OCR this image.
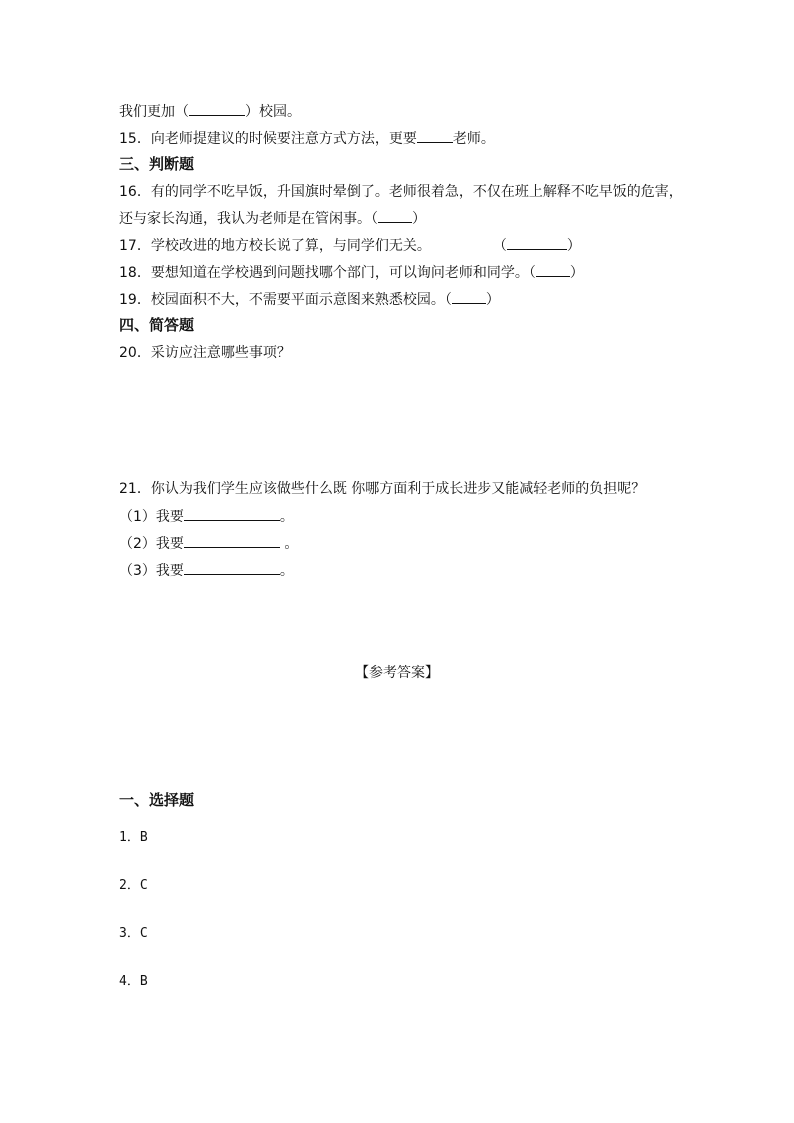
我们更加（	）校园。
15．向老师提建议的时候要注意方式方法，更要	老师。
三、判断题
16．有的同学不吃早饭，升国旗时晕倒了。老师很着急，不仅在班上解释不吃早饭的危害，
还与家长沟通，我认为老师是在管闲事。（ ）
17．学校改进的地方校长说了算，与同学们无关。	（	）
18．要想知道在学校遇到问题找哪个部门，可以询问老师和同学。（ ）
19．校园面积不大，不需要平面示意图来熟悉校园。（ ）
四、简答题
20．采访应注意哪些事项？
21．你认为我们学生应该做些什么既 你哪方面利于成长进步又能减轻老师的负担呢？
（1）我要	。
（2）我要	。
（3）我要	。
【参考答案】
一、选择题
1．B
2．C
3．C
4．B
